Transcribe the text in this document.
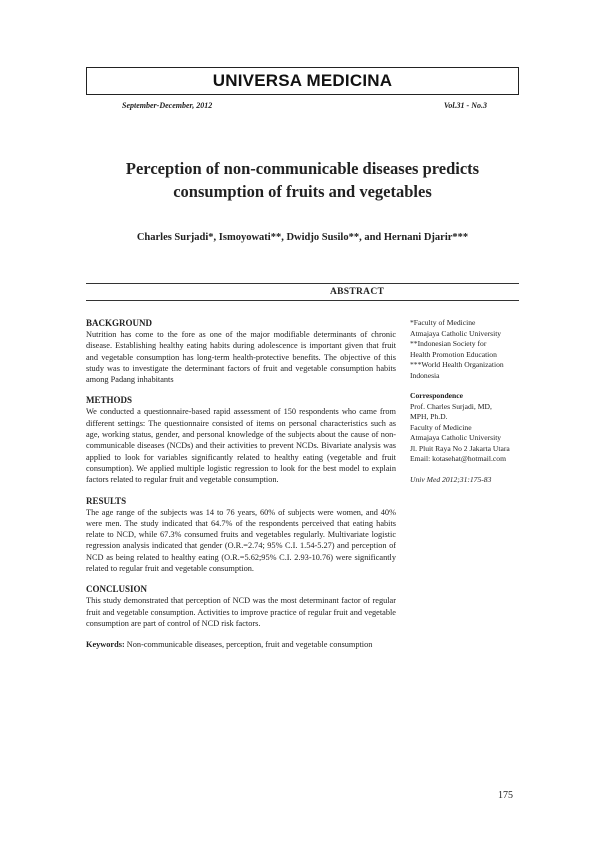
UNIVERSA MEDICINA
September-December, 2012	Vol.31 - No.3
Perception of non-communicable diseases predicts
consumption of fruits and vegetables
Charles Surjadi*, Ismoyowati**, Dwidjo Susilo**, and Hernani Djarir***
ABSTRACT

BACKGROUND

Nutrition has come to the fore as one of the major modifiable determinants of chronic disease. Establishing healthy eating habits during adolescence is important given that fruit and vegetable consumption has long-term health-protective benefits. The objective of this study was to investigate the determinant factors of fruit and vegetable consumption habits among Padang inhabitants

METHODS

We conducted a questionnaire-based rapid assessment of 150 respondents who came from different settings: The questionnaire consisted of items on personal characteristics such as age, working status, gender, and personal knowledge of the subjects about the cause of non-communicable diseases (NCDs) and their activities to prevent NCDs. Bivariate analysis was applied to look for variables significantly related to healthy eating (vegetable and fruit consumption). We applied multiple logistic regression to look for the best model to explain factors related to regular fruit and vegetable consumption.

RESULTS

The age range of the subjects was 14 to 76 years, 60% of subjects were women, and 40% were men. The study indicated that 64.7% of the respondents perceived that eating habits relate to NCD, while 67.3% consumed fruits and vegetables regularly. Multivariate logistic regression analysis indicated that gender (O.R.=2.74; 95% C.I. 1.54-5.27) and perception of NCD as being related to healthy eating (O.R.=5.62;95% C.I. 2.93-10.76) were significantly related to regular fruit and vegetable consumption.

CONCLUSION

This study demonstrated that perception of NCD was the most determinant factor of regular fruit and vegetable consumption. Activities to improve practice of regular fruit and vegetable consumption are part of control of NCD risk factors.

Keywords: Non-communicable diseases, perception, fruit and vegetable consumption
*Faculty of Medicine
Atmajaya Catholic University
**Indonesian Society for
Health Promotion Education
***World Health Organization
Indonesia
Correspondence
Prof. Charles Surjadi, MD,
MPH, Ph.D.
Faculty of Medicine
Atmajaya Catholic University
Jl. Pluit Raya No 2 Jakarta Utara
Email: kotasehat@hotmail.com
Univ Med 2012;31:175-83
175
